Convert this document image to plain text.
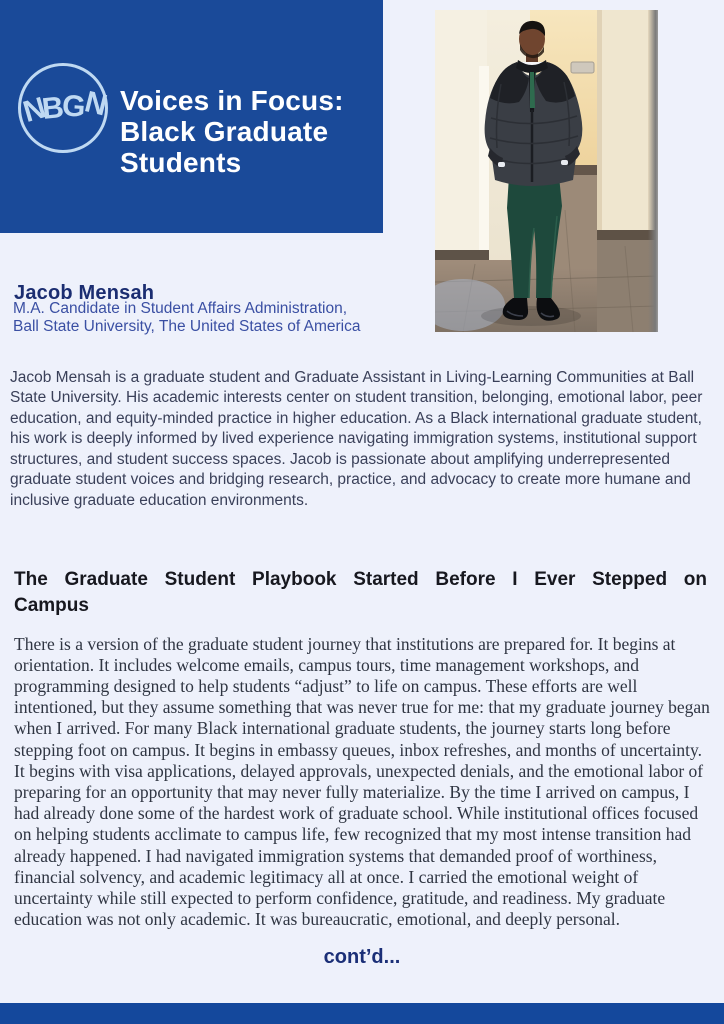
NBGN Voices in Focus:
Black Graduate
Students
Jacob Mensah
M.A. Candidate in Student Affairs Administration,
Ball State University, The United States of America

Jacob Mensah is a graduate student and Graduate Assistant in Living-Learning Communities at Ball State University. His academic interests center on student transition, belonging, emotional labor, peer education, and equity-minded practice in higher education. As a Black international graduate student, his work is deeply informed by lived experience navigating immigration systems, institutional support structures, and student success spaces. Jacob is passionate about amplifying underrepresented graduate student voices and bridging research, practice, and advocacy to create more humane and inclusive graduate education environments.

The Graduate Student Playbook Started Before I Ever Stepped on
Campus

There is a version of the graduate student journey that institutions are prepared for. It begins at orientation. It includes welcome emails, campus tours, time management workshops, and programming designed to help students “adjust” to life on campus. These efforts are well intentioned, but they assume something that was never true for me: that my graduate journey began when I arrived. For many Black international graduate students, the journey starts long before stepping foot on campus. It begins in embassy queues, inbox refreshes, and months of uncertainty. It begins with visa applications, delayed approvals, unexpected denials, and the emotional labor of preparing for an opportunity that may never fully materialize. By the time I arrived on campus, I had already done some of the hardest work of graduate school. While institutional offices focused on helping students acclimate to campus life, few recognized that my most intense transition had already happened. I had navigated immigration systems that demanded proof of worthiness, financial solvency, and academic legitimacy all at once. I carried the emotional weight of uncertainty while still expected to perform confidence, gratitude, and readiness. My graduate education was not only academic. It was bureaucratic, emotional, and deeply personal.

cont’d...
